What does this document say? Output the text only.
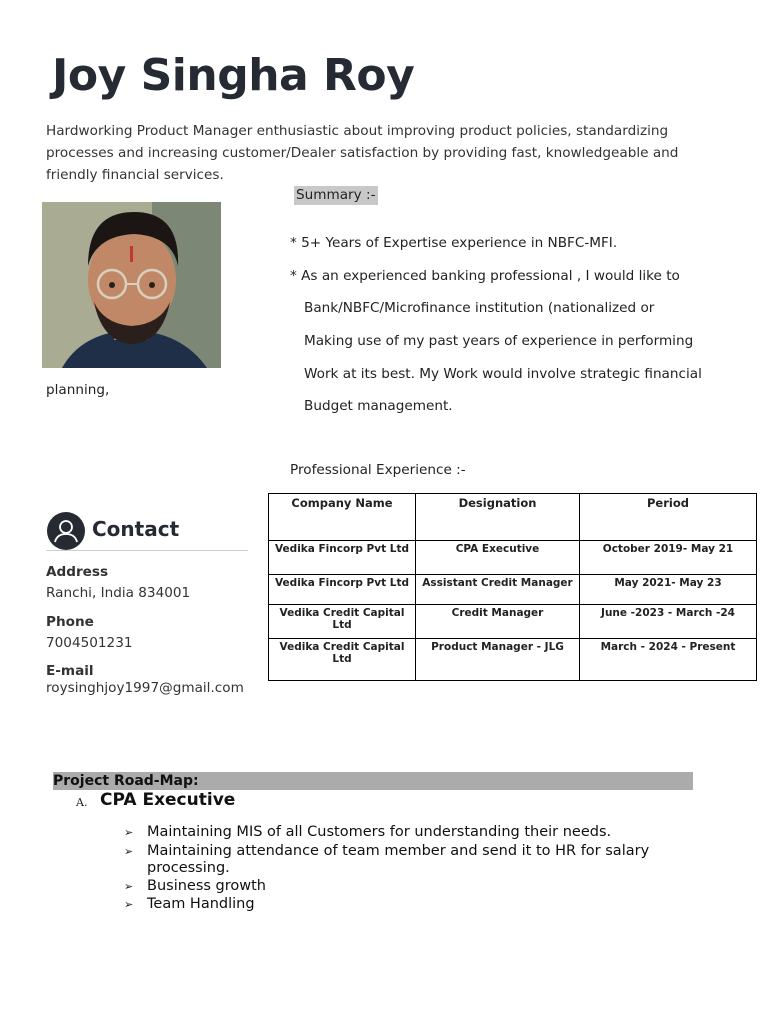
Joy Singha Roy
Hardworking Product Manager enthusiastic about improving product policies, standardizing processes and increasing customer/Dealer satisfaction by providing fast, knowledgeable and friendly financial services.
Summary :-
* 5+ Years of Expertise experience in NBFC-MFI.
* As an experienced banking professional , I would like to
Bank/NBFC/Microfinance institution (nationalized or
Making use of my past years of experience in performing
Work at its best. My Work would involve strategic financial
Budget management.
planning,
Professional Experience :-
Company Name	Designation	Period
Vedika Fincorp Pvt Ltd	CPA Executive	October 2019- May 21
Vedika Fincorp Pvt Ltd	Assistant Credit Manager	May 2021- May 23
Vedika Credit Capital Ltd	Credit Manager	June -2023 - March -24
Vedika Credit Capital Ltd	Product Manager - JLG	March - 2024 - Present
Contact
Address
Ranchi, India 834001
Phone
7004501231
E-mail
roysinghjoy1997@gmail.com
Project Road-Map:
A. CPA Executive
➢ Maintaining MIS of all Customers for understanding their needs.
➢ Maintaining attendance of team member and send it to HR for salary processing.
➢ Business growth
➢ Team Handling
